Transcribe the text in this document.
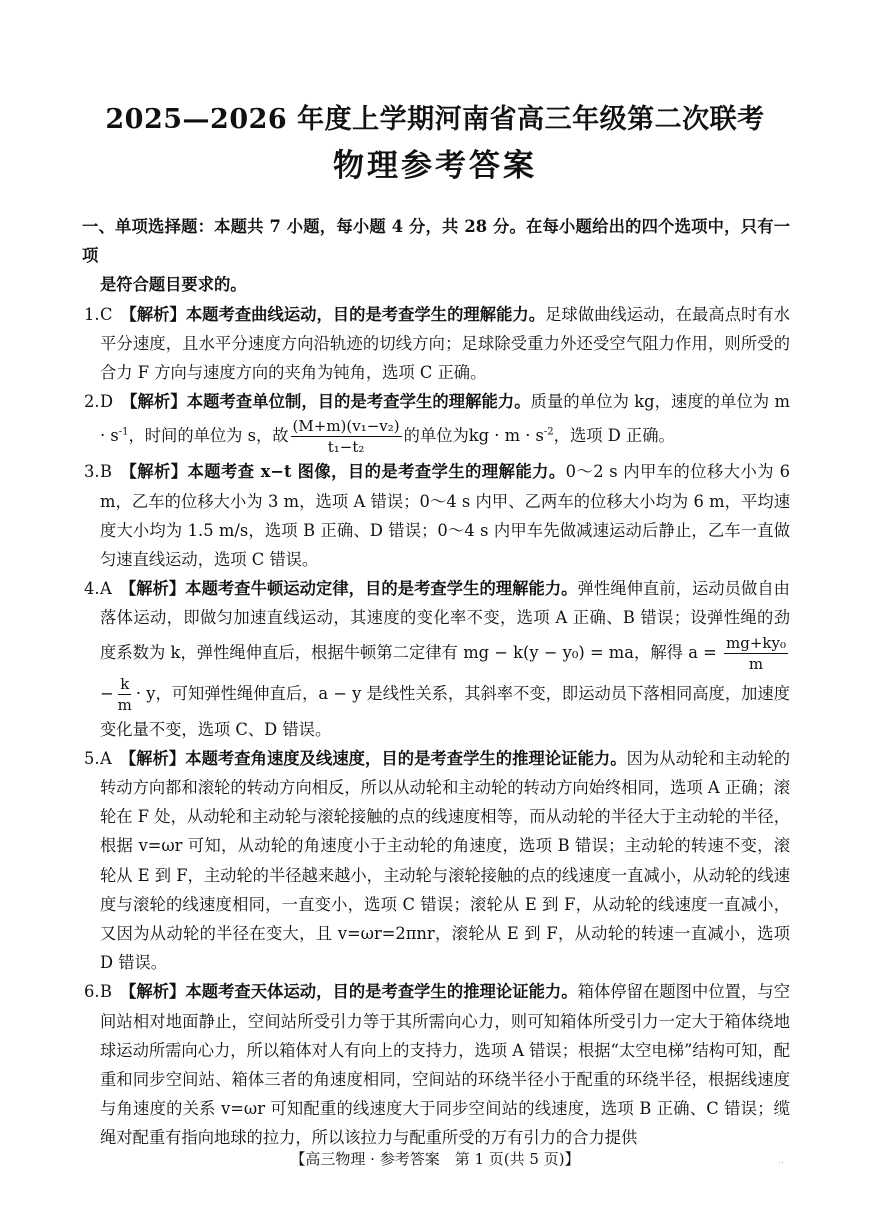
2025—2026 年度上学期河南省高三年级第二次联考
物理参考答案
一、单项选择题：本题共 7 小题，每小题 4 分，共 28 分。在每小题给出的四个选项中，只有一项
是符合题目要求的。

1.C 【解析】本题考查曲线运动，目的是考查学生的理解能力。足球做曲线运动，在最高点时有水平分速度，且水平分速度方向沿轨迹的切线方向；足球除受重力外还受空气阻力作用，则所受的合力 F 方向与速度方向的夹角为钝角，选项 C 正确。

2.D 【解析】本题考查单位制，目的是考查学生的理解能力。质量的单位为 kg，速度的单位为 $m \cdot s^{-1}$，时间的单位为 s，故 $\frac{\text{(M+m)(v₁−v₂)}}{\text{t₁−t₂}}$ 的单位为kg · $m \cdot s^{-2}$，选项 D 正确。

3.B 【解析】本题考查 x−t 图像，目的是考查学生的理解能力。0～2 s 内甲车的位移大小为 6 m，乙车的位移大小为 3 m，选项 A 错误；0～4 s 内甲、乙两车的位移大小均为 6 m，平均速度大小均为 1.5 m/s，选项 B 正确、D 错误；0～4 s 内甲车先做减速运动后静止，乙车一直做匀速直线运动，选项 C 错误。

4.A 【解析】本题考查牛顿运动定律，目的是考查学生的理解能力。弹性绳伸直前，运动员做自由落体运动，即做匀加速直线运动，其速度的变化率不变，选项 A 正确、B 错误；设弹性绳的劲度系数为 k，弹性绳伸直后，根据牛顿第二定律有 mg − k(y − y₀) = ma，解得 $a = \frac{\text{mg+ky₀}}{m}$
− $\frac{k}{m} \cdot y$，可知弹性绳伸直后，a − y 是线性关系，其斜率不变，即运动员下落相同高度，加速度变化量不变，选项 C、D 错误。

5.A 【解析】本题考查角速度及线速度，目的是考查学生的推理论证能力。因为从动轮和主动轮的转动方向都和滚轮的转动方向相反，所以从动轮和主动轮的转动方向始终相同，选项 A 正确；滚轮在 F 处，从动轮和主动轮与滚轮接触的点的线速度相等，而从动轮的半径大于主动轮的半径，根据 v=ωr 可知，从动轮的角速度小于主动轮的角速度，选项 B 错误；主动轮的转速不变，滚轮从 E 到 F，主动轮的半径越来越小，主动轮与滚轮接触的点的线速度一直减小，从动轮的线速度与滚轮的线速度相同，一直变小，选项 C 错误；滚轮从 E 到 F，从动轮的线速度一直减小，又因为从动轮的半径在变大，且 v=ωr=2πnr，滚轮从 E 到 F，从动轮的转速一直减小，选项 D 错误。

6.B 【解析】本题考查天体运动，目的是考查学生的推理论证能力。箱体停留在题图中位置，与空间站相对地面静止，空间站所受引力等于其所需向心力，则可知箱体所受引力一定大于箱体绕地球运动所需向心力，所以箱体对人有向上的支持力，选项 A 错误；根据“太空电梯”结构可知，配重和同步空间站、箱体三者的角速度相同，空间站的环绕半径小于配重的环绕半径，根据线速度与角速度的关系 v=ωr 可知配重的线速度大于同步空间站的线速度，选项 B 正确、C 错误；缆绳对配重有指向地球的拉力，所以该拉力与配重所受的万有引力的合力提供

【高三物理 · 参考答案　第 1 页(共 5 页)】	‥
